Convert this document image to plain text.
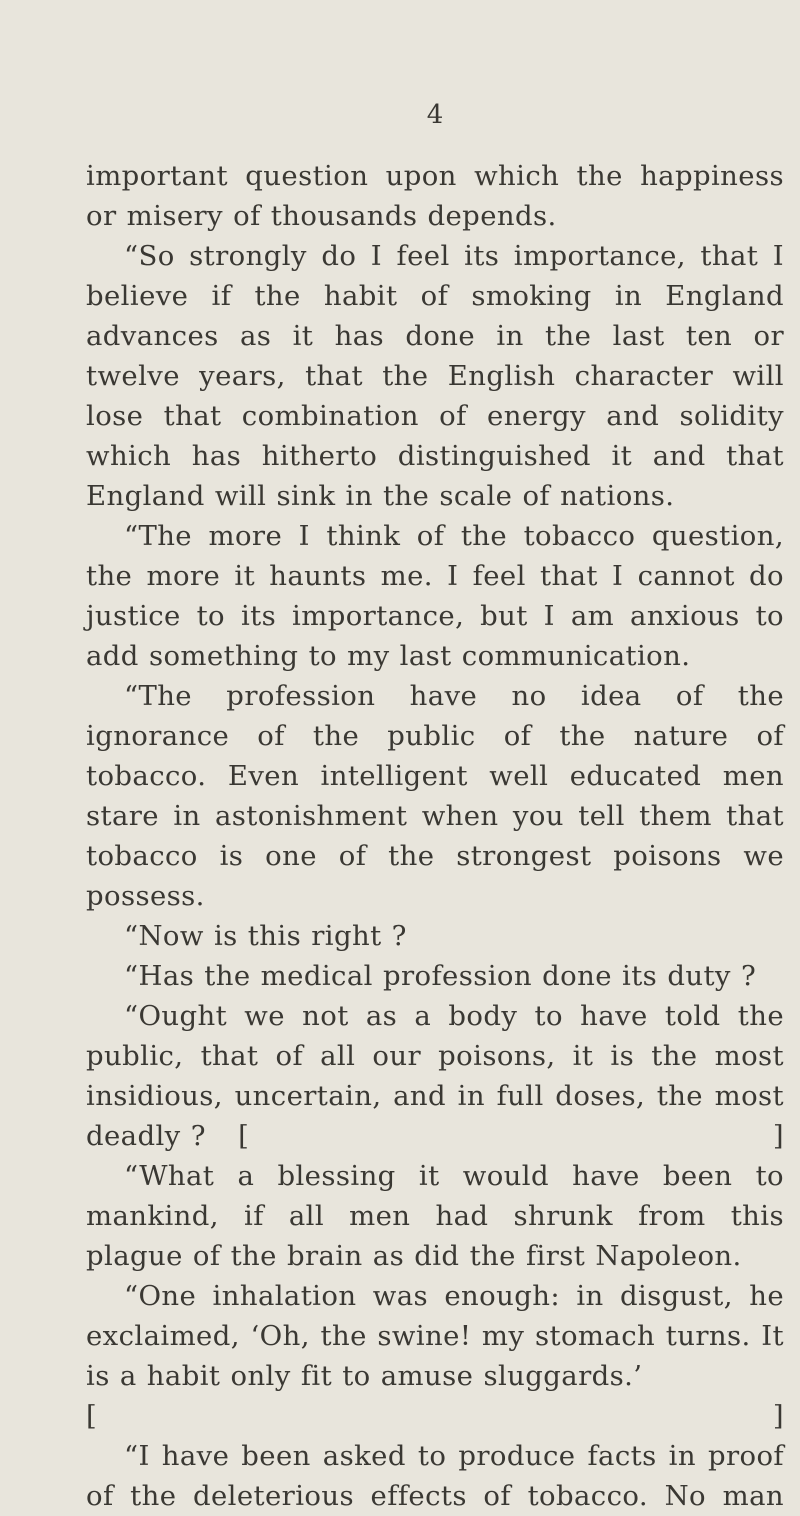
4

important question upon which the happiness or misery of thousands depends.

“So strongly do I feel its importance, that I believe if the habit of smoking in England advances as it has done in the last ten or twelve years, that the English character will lose that combination of energy and solidity which has hitherto distinguished it and that England will sink in the scale of nations.

“The more I think of the tobacco question, the more it haunts me. I feel that I cannot do justice to its importance, but I am anxious to add something to my last communication.

“The profession have no idea of the ignorance of the public of the nature of tobacco. Even intelligent well educated men stare in astonishment when you tell them that tobacco is one of the strongest poisons we possess.

“Now is this right ?

“Has the medical profession done its duty ?

“Ought we not as a body to have told the public, that of all our poisons, it is the most insidious, uncertain, and in full doses, the most

deadly ? [	]

“What a blessing it would have been to mankind, if all men had shrunk from this plague of the brain as did the first Napoleon.

“One inhalation was enough: in disgust, he exclaimed, ‘Oh, the swine! my stomach turns. It is a habit only fit to amuse sluggards.’

[	]

“I have been asked to produce facts in proof of the deleterious effects of tobacco. No man
